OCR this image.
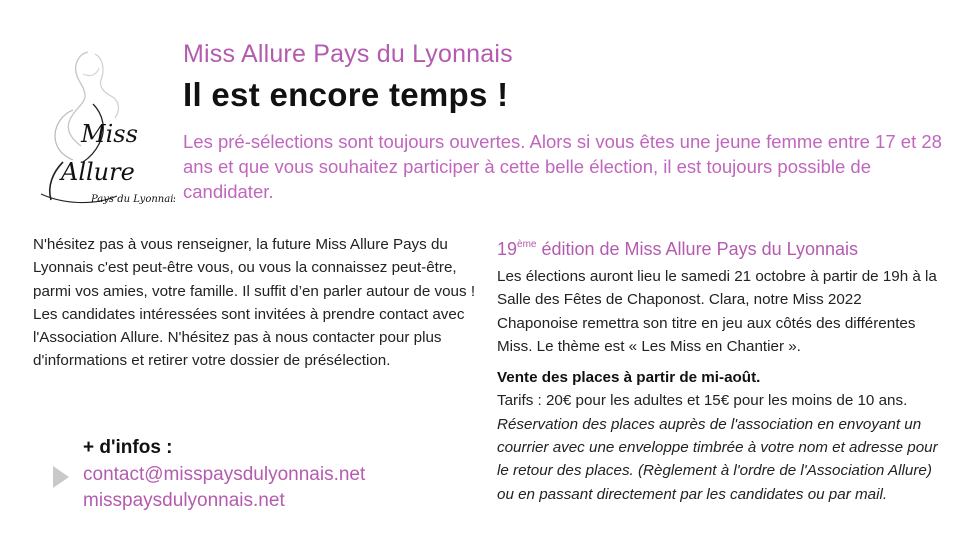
Miss
Allure
Pays du Lyonnais
Miss Allure Pays du Lyonnais
Il est encore temps !
Les pré-sélections sont toujours ouvertes. Alors si vous êtes une jeune femme entre 17 et 28 ans et que vous souhaitez participer à cette belle élection, il est toujours possible de candidater.

N'hésitez pas à vous renseigner, la future Miss Allure Pays du Lyonnais c'est peut-être vous, ou vous la connaissez peut-être, parmi vos amies, votre famille. Il suffit d’en parler autour de vous !

Les candidates intéressées sont invitées à prendre contact avec l'Association Allure. N'hésitez pas à nous contacter pour plus d'informations et retirer votre dossier de présélection.

+ d'infos :
contact@misspaysdulyonnais.net
misspaysdulyonnais.net
19ème édition de Miss Allure Pays du Lyonnais

Les élections auront lieu le samedi 21 octobre à partir de 19h à la Salle des Fêtes de Chaponost. Clara, notre Miss 2022 Chaponoise remettra son titre en jeu aux côtés des différentes Miss. Le thème est « Les Miss en Chantier ».

Vente des places à partir de mi-août.

Tarifs : 20€ pour les adultes et 15€ pour les moins de 10 ans. Réservation des places auprès de l'association en envoyant un courrier avec une enveloppe timbrée à votre nom et adresse pour le retour des places. (Règlement à l'ordre de l'Association Allure) ou en passant directement par les candidates ou par mail.
